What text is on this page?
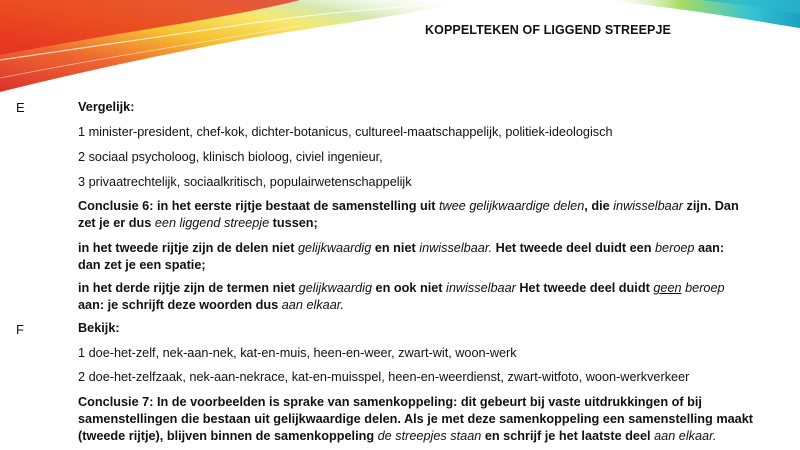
KOPPELTEKEN OF LIGGEND STREEPJE
E	Vergelijk:
1 minister-president, chef-kok, dichter-botanicus, cultureel-maatschappelijk, politiek-ideologisch
2 sociaal psycholoog, klinisch bioloog, civiel ingenieur,
3 privaatrechtelijk, sociaalkritisch, populairwetenschappelijk
Conclusie 6: in het eerste rijtje bestaat de samenstelling uit twee gelijkwaardige delen, die inwisselbaar zijn. Dan
zet je er dus een liggend streepje tussen;
in het tweede rijtje zijn de delen niet gelijkwaardig en niet inwisselbaar. Het tweede deel duidt een beroep aan:
dan zet je een spatie;
in het derde rijtje zijn de termen niet gelijkwaardig en ook niet inwisselbaar Het tweede deel duidt geen beroep
aan: je schrijft deze woorden dus aan elkaar.
F	Bekijk:
1 doe-het-zelf, nek-aan-nek, kat-en-muis, heen-en-weer, zwart-wit, woon-werk
2 doe-het-zelfzaak, nek-aan-nekrace, kat-en-muisspel, heen-en-weerdienst, zwart-witfoto, woon-werkverkeer
Conclusie 7: In de voorbeelden is sprake van samenkoppeling: dit gebeurt bij vaste uitdrukkingen of bij
samenstellingen die bestaan uit gelijkwaardige delen. Als je met deze samenkoppeling een samenstelling maakt
(tweede rijtje), blijven binnen de samenkoppeling de streepjes staan en schrijf je het laatste deel aan elkaar.
